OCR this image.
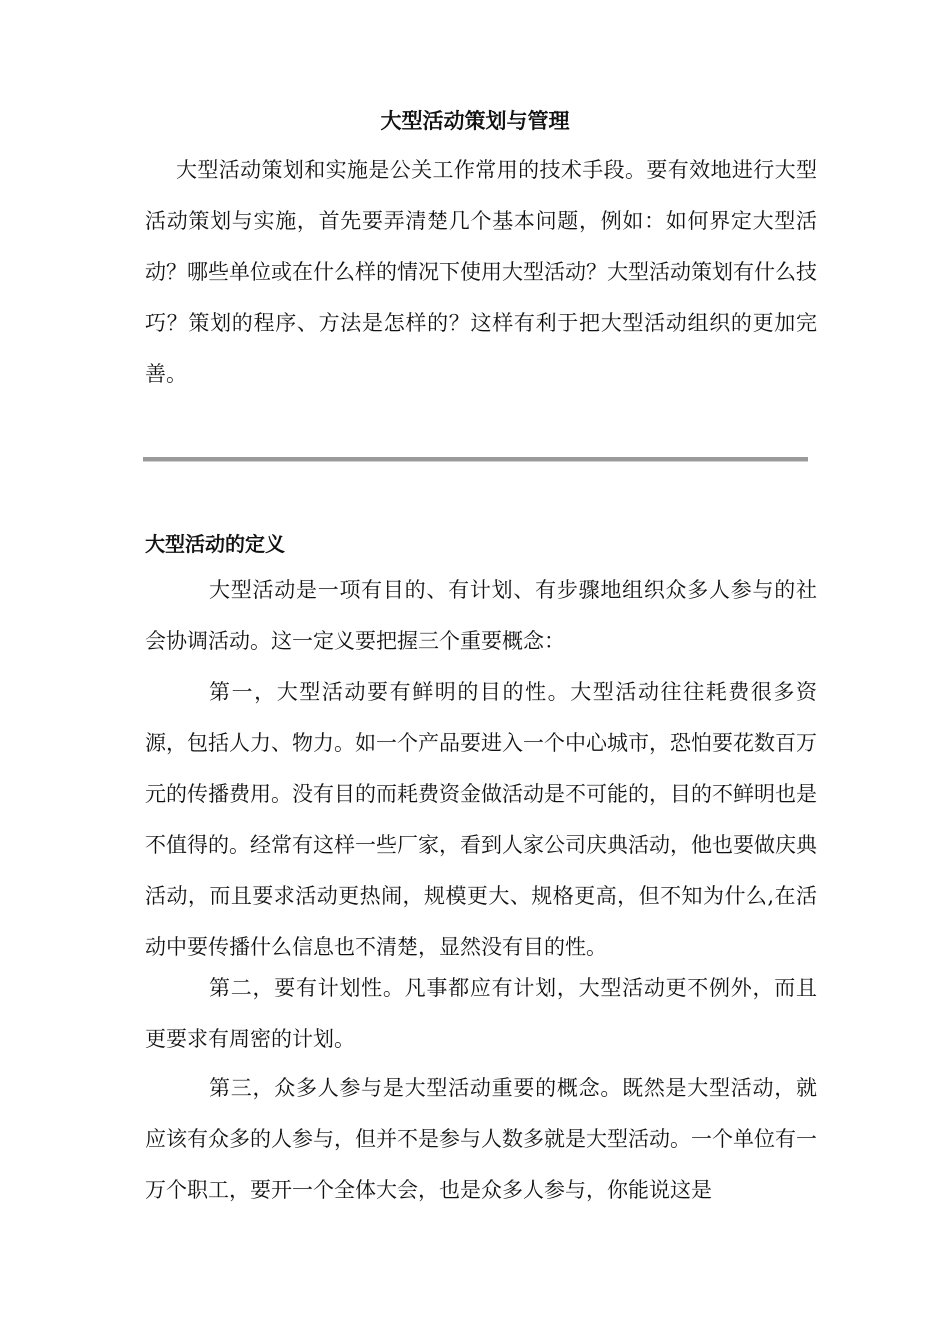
大型活动策划与管理

大型活动策划和实施是公关工作常用的技术手段。要有效地进行大型活动策划与实施，首先要弄清楚几个基本问题，例如：如何界定大型活动？哪些单位或在什么样的情况下使用大型活动？大型活动策划有什么技巧？策划的程序、方法是怎样的？这样有利于把大型活动组织的更加完善。

大型活动的定义

大型活动是一项有目的、有计划、有步骤地组织众多人参与的社会协调活动。这一定义要把握三个重要概念：

第一，大型活动要有鲜明的目的性。大型活动往往耗费很多资源，包括人力、物力。如一个产品要进入一个中心城市，恐怕要花数百万元的传播费用。没有目的而耗费资金做活动是不可能的，目的不鲜明也是不值得的。经常有这样一些厂家，看到人家公司庆典活动，他也要做庆典活动，而且要求活动更热闹，规模更大、规格更高，但不知为什么,在活动中要传播什么信息也不清楚，显然没有目的性。

第二，要有计划性。凡事都应有计划，大型活动更不例外，而且更要求有周密的计划。

第三，众多人参与是大型活动重要的概念。既然是大型活动，就应该有众多的人参与，但并不是参与人数多就是大型活动。一个单位有一万个职工，要开一个全体大会，也是众多人参与，你能说这是
